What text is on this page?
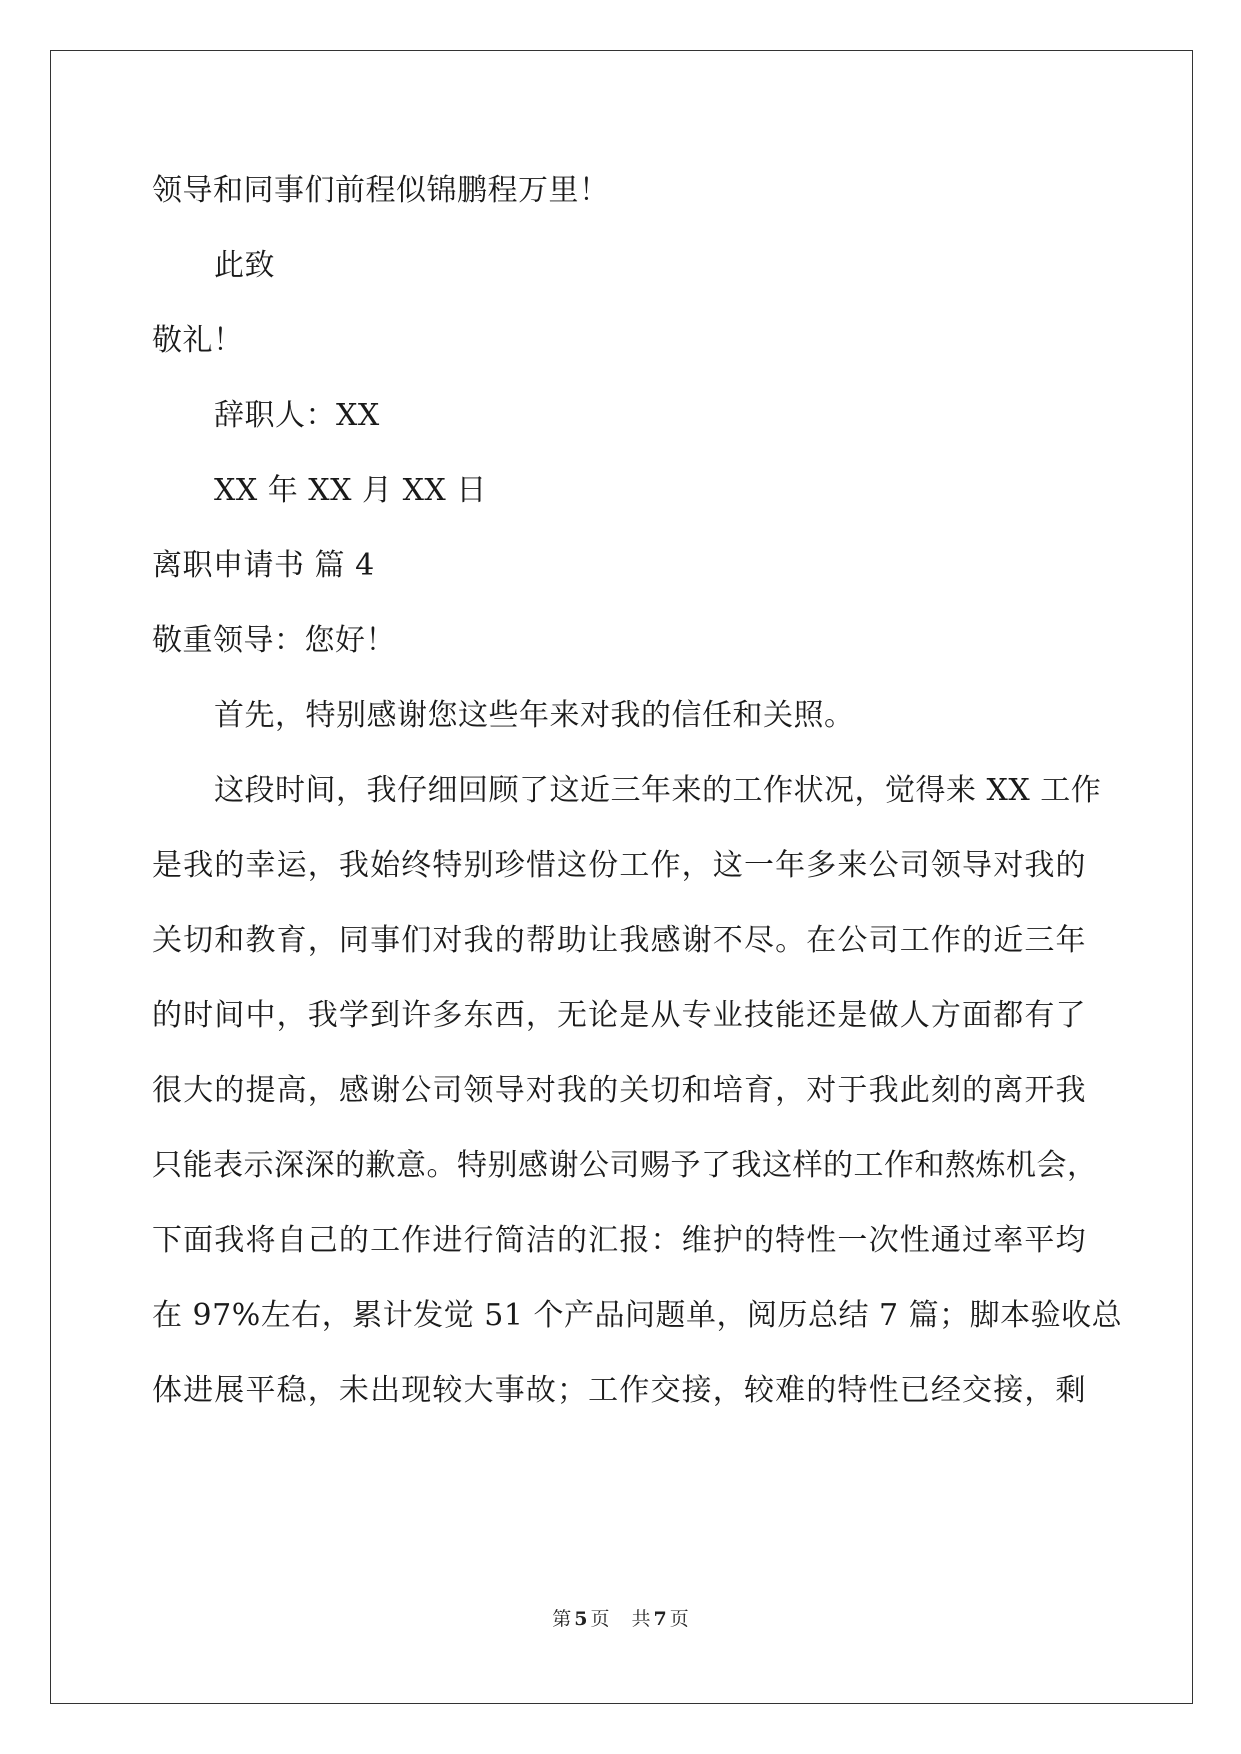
领导和同事们前程似锦鹏程万里！
此致
敬礼！
辞职人：XX
XX 年 XX 月 XX 日
离职申请书 篇 4
敬重领导：您好！
首先，特别感谢您这些年来对我的信任和关照。
这段时间，我仔细回顾了这近三年来的工作状况，觉得来 XX 工作
是我的幸运，我始终特别珍惜这份工作，这一年多来公司领导对我的
关切和教育，同事们对我的帮助让我感谢不尽。在公司工作的近三年
的时间中，我学到许多东西，无论是从专业技能还是做人方面都有了
很大的提高，感谢公司领导对我的关切和培育，对于我此刻的离开我
只能表示深深的歉意。特别感谢公司赐予了我这样的工作和熬炼机会，
下面我将自己的工作进行简洁的汇报：维护的特性一次性通过率平均
在 97%左右，累计发觉 51 个产品问题单，阅历总结 7 篇；脚本验收总
体进展平稳，未出现较大事故；工作交接，较难的特性已经交接，剩
第 5 页 共 7 页
